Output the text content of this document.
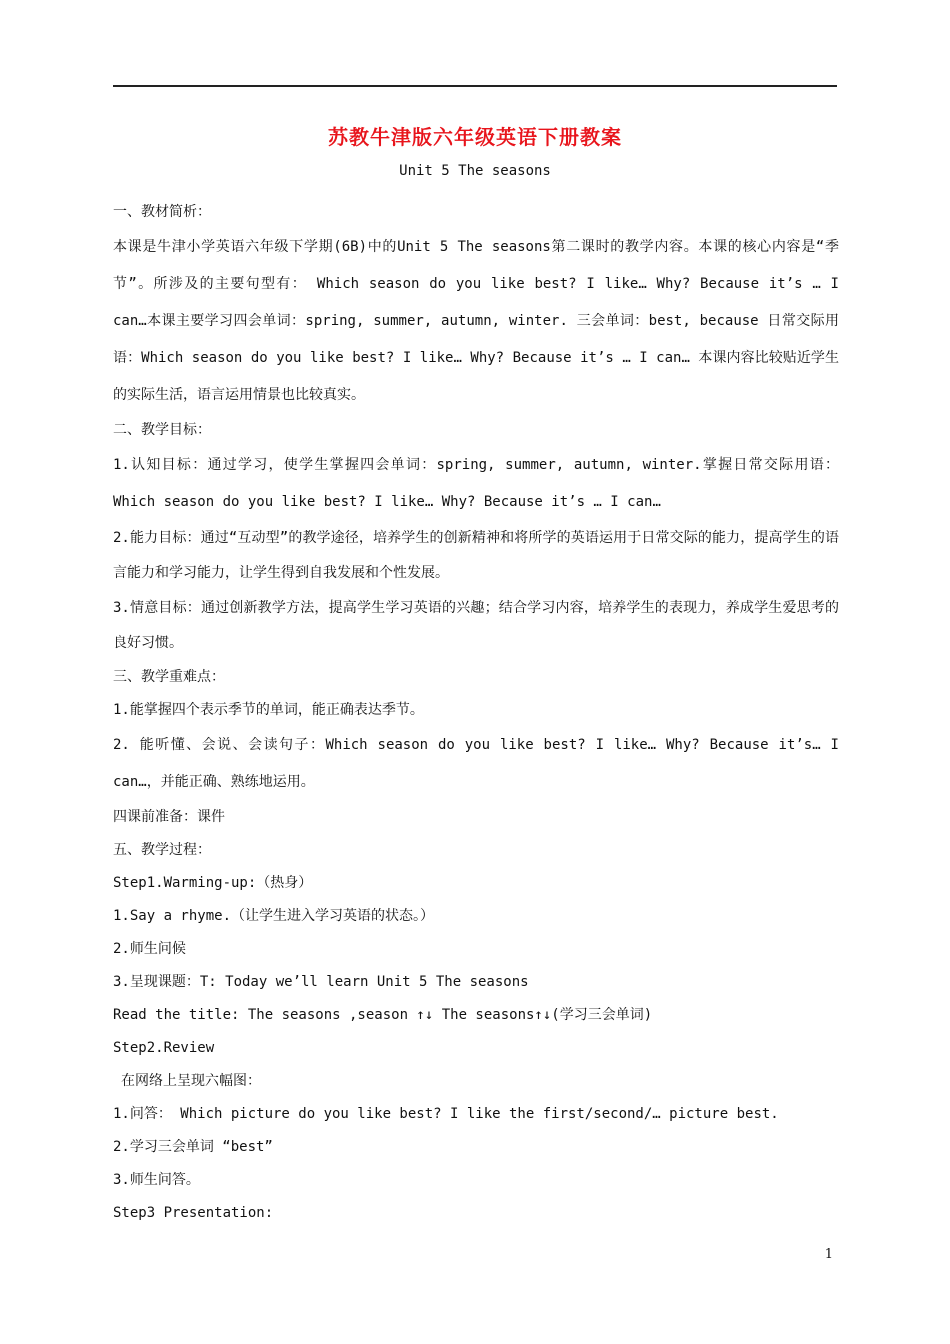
苏教牛津版六年级英语下册教案
Unit 5 The seasons

一、教材简析：

本课是牛津小学英语六年级下学期(6B)中的Unit 5 The seasons第二课时的教学内容。本课的核心内容是“季节”。所涉及的主要句型有： Which season do you like best? I like… Why? Because it’s … I can…本课主要学习四会单词：spring, summer, autumn, winter. 三会单词：best, because 日常交际用语：Which season do you like best? I like… Why? Because it’s … I can… 本课内容比较贴近学生的实际生活，语言运用情景也比较真实。

二、教学目标：

1.认知目标：通过学习，使学生掌握四会单词：spring, summer, autumn, winter.掌握日常交际用语：Which season do you like best? I like… Why? Because it’s … I can…

2.能力目标：通过“互动型”的教学途径，培养学生的创新精神和将所学的英语运用于日常交际的能力，提高学生的语言能力和学习能力，让学生得到自我发展和个性发展。

3.情意目标：通过创新教学方法，提高学生学习英语的兴趣；结合学习内容，培养学生的表现力，养成学生爱思考的良好习惯。

三、教学重难点：

1.能掌握四个表示季节的单词，能正确表达季节。

2. 能听懂、会说、会读句子：Which season do you like best? I like… Why? Because it’s… I can…，并能正确、熟练地运用。

四课前准备：课件

五、教学过程：

Step1.Warming-up:（热身）

1.Say a rhyme.（让学生进入学习英语的状态。）

2.师生问候

3.呈现课题：T: Today we’ll learn Unit 5 The seasons

Read the title: The seasons ,season ↑↓ The seasons↑↓(学习三会单词)

Step2.Review

在网络上呈现六幅图：

1.问答： Which picture do you like best? I like the first/second/… picture best.

2.学习三会单词 “best”

3.师生问答。

Step3 Presentation:

1
